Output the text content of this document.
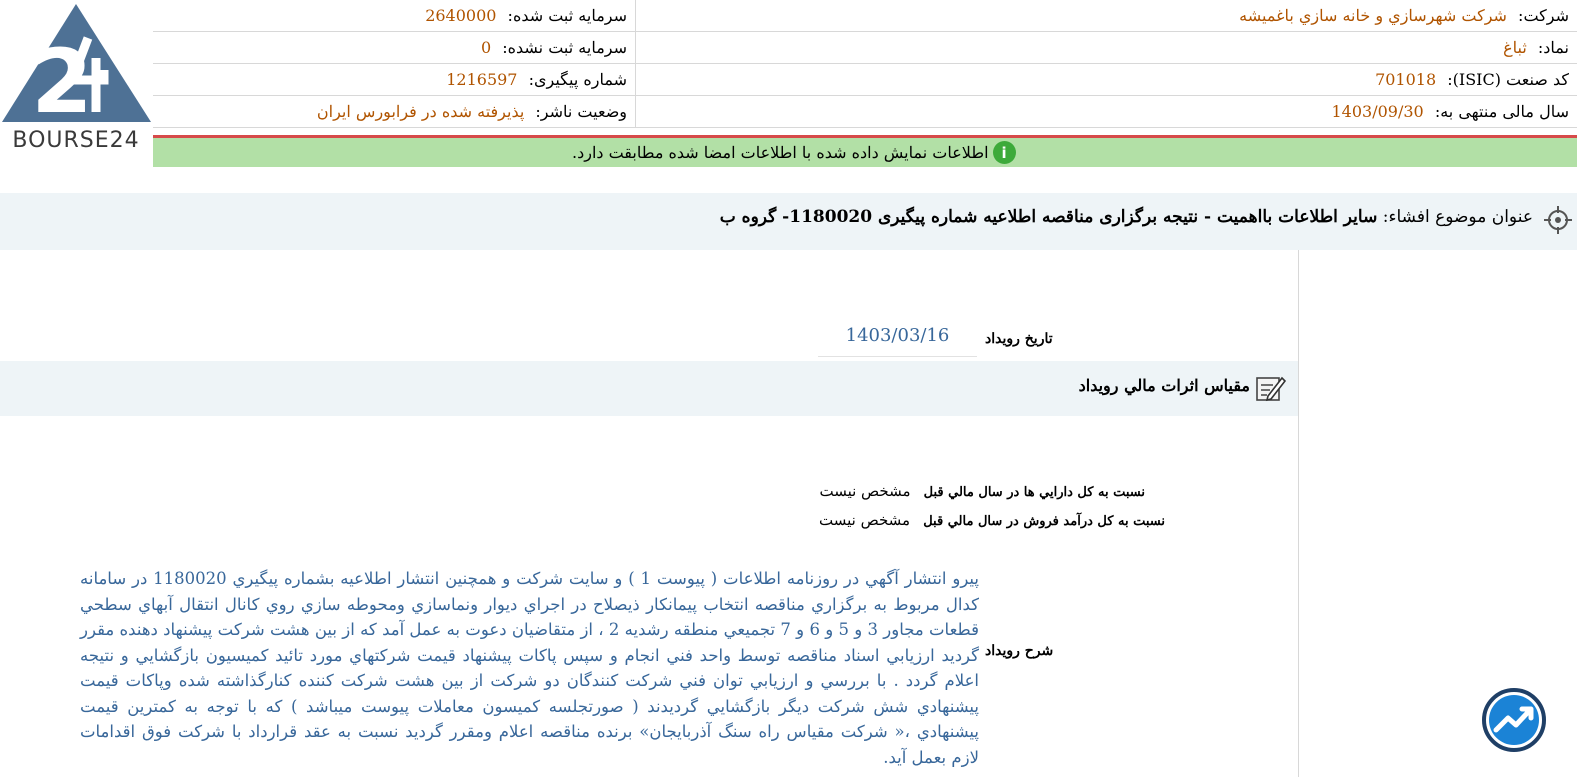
2
BOURSE24
شرکت: شرکت شهرسازي و خانه سازي باغميشه	سرمایه ثبت شده: 2640000
نماد: ثباغ	سرمایه ثبت نشده: 0
کد صنعت (ISIC): 701018	شماره پیگیری: 1216597
سال مالی منتهی به: 1403/09/30	وضعیت ناشر: پذيرفته شده در فرابورس ايران
i
اطلاعات نمایش داده شده با اطلاعات امضا شده مطابقت دارد.
عنوان موضوع افشاء: سایر اطلاعات بااهمیت - نتیجه برگزاری مناقصه اطلاعیه شماره پیگیری 1180020- گروه ب
تاریخ رویداد
1403/03/16
مقياس اثرات مالي رويداد
نسبت به کل دارايي ها در سال مالي قبل مشخص نیست
نسبت به کل درآمد فروش در سال مالي قبل مشخص نیست
شرح رویداد
پيرو انتشار آگهي در روزنامه اطلاعات ( پيوست 1 ) و سايت شرکت و همچنين انتشار اطلاعيه بشماره پيگيري 1180020 در سامانه کدال مربوط به برگزاري مناقصه انتخاب پيمانکار ذيصلاح در اجراي ديوار ونماسازي ومحوطه سازي روي کانال انتقال آبهاي سطحي قطعات مجاور 3 و 5 و 6 و 7 تجميعي منطقه رشديه 2 ، از متقاضيان دعوت به عمل آمد که از بين هشت شرکت پيشنهاد دهنده مقرر گرديد ارزيابي اسناد مناقصه توسط واحد فني انجام و سپس پاکات پيشنهاد قيمت شرکتهاي مورد تائيد کميسيون بازگشايي و نتيجه اعلام گردد . با بررسي و ارزيابي توان فني شرکت کنندگان دو شرکت از بين هشت شرکت کننده کنارگذاشته شده وپاکات قيمت پيشنهادي شش شرکت ديگر بازگشايي گرديدند ( صورتجلسه کميسون معاملات پيوست ميباشد ) که با توجه به کمترين قيمت پيشنهادي ،« شرکت مقياس راه سنگ آذربايجان» برنده مناقصه اعلام ومقرر گرديد نسبت به عقد قرارداد با شرکت فوق اقدامات لازم بعمل آيد.
